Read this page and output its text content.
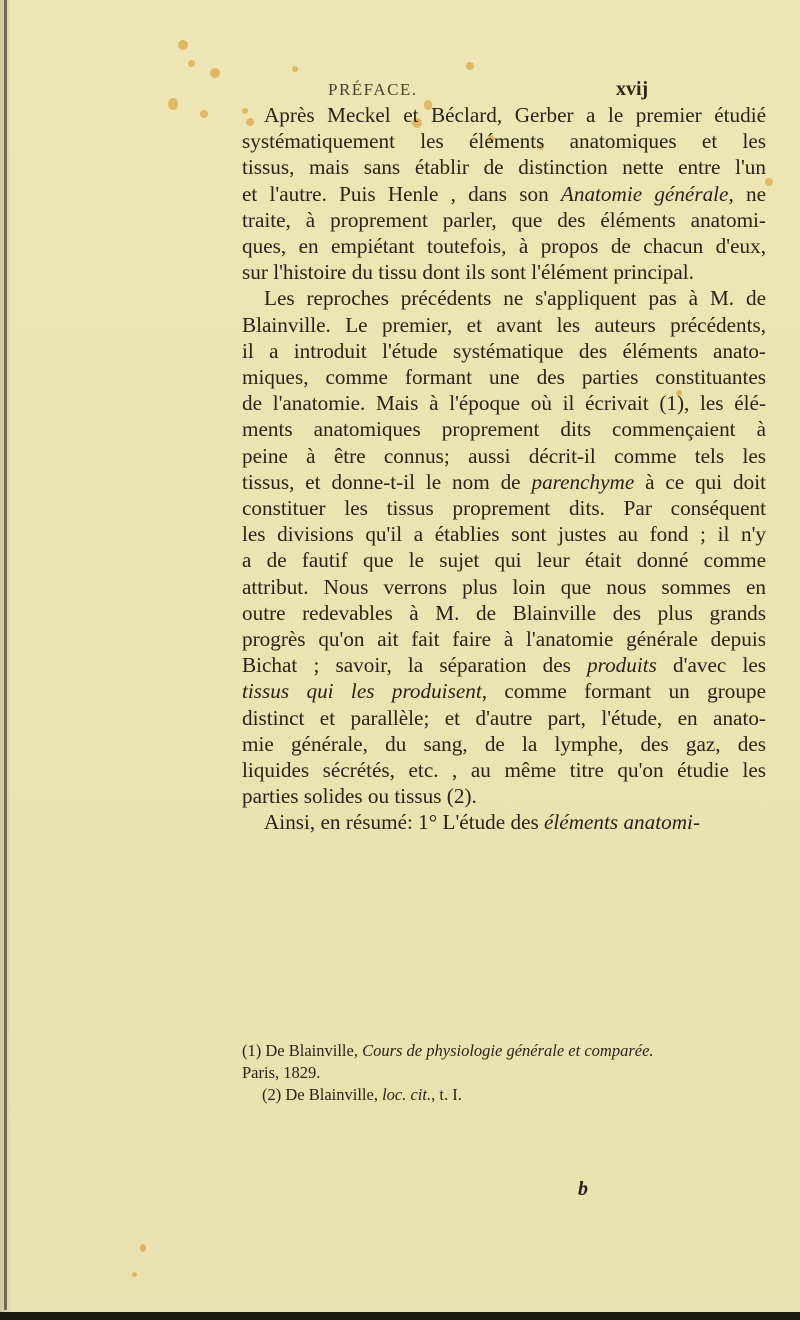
PRÉFACE.	xvij

Après Meckel et Béclard, Gerber a le premier étudié
systématiquement les éléments anatomiques et les
tissus, mais sans établir de distinction nette entre l'un
et l'autre. Puis Henle , dans son Anatomie générale, ne
traite, à proprement parler, que des éléments anatomi-
ques, en empiétant toutefois, à propos de chacun d'eux,
sur l'histoire du tissu dont ils sont l'élément principal.

Les reproches précédents ne s'appliquent pas à M. de
Blainville. Le premier, et avant les auteurs précédents,
il a introduit l'étude systématique des éléments anato-
miques, comme formant une des parties constituantes
de l'anatomie. Mais à l'époque où il écrivait (1), les élé-
ments anatomiques proprement dits commençaient à
peine à être connus; aussi décrit-il comme tels les
tissus, et donne-t-il le nom de parenchyme à ce qui doit
constituer les tissus proprement dits. Par conséquent
les divisions qu'il a établies sont justes au fond ; il n'y
a de fautif que le sujet qui leur était donné comme
attribut. Nous verrons plus loin que nous sommes en
outre redevables à M. de Blainville des plus grands
progrès qu'on ait fait faire à l'anatomie générale depuis
Bichat ; savoir, la séparation des produits d'avec les
tissus qui les produisent, comme formant un groupe
distinct et parallèle; et d'autre part, l'étude, en anato-
mie générale, du sang, de la lymphe, des gaz, des
liquides sécrétés, etc. , au même titre qu'on étudie les
parties solides ou tissus (2).

Ainsi, en résumé: 1° L'étude des éléments anatomi-

(1) De Blainville, Cours de physiologie générale et comparée.
Paris, 1829.
(2) De Blainville, loc. cit., t. I.
b
